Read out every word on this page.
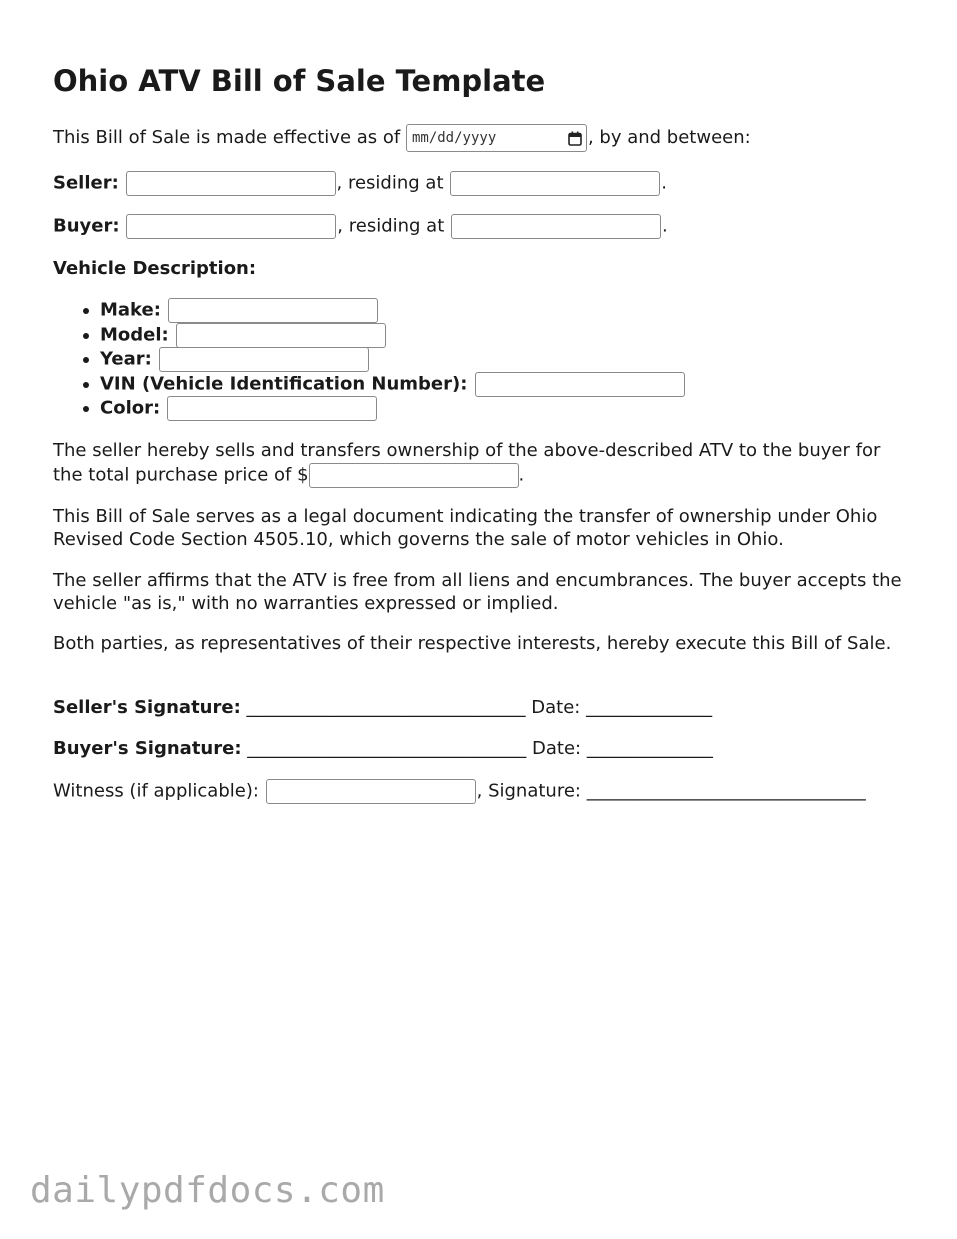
Ohio ATV Bill of Sale Template
This Bill of Sale is made effective as of mm/dd/yyyy	, by and between:
Seller:	, residing at	.
Buyer:	, residing at	.
Vehicle Description:
Make:
Model:
Year:
VIN (Vehicle Identification Number):
Color:
The seller hereby sells and transfers ownership of the above-described ATV to the buyer for the total purchase price of $	.
This Bill of Sale serves as a legal document indicating the transfer of ownership under Ohio Revised Code Section 4505.10, which governs the sale of motor vehicles in Ohio.
The seller affirms that the ATV is free from all liens and encumbrances. The buyer accepts the vehicle "as is," with no warranties expressed or implied.
Both parties, as representatives of their respective interests, hereby execute this Bill of Sale.
Seller's Signature: _______________________________ Date: ______________
Buyer's Signature: _______________________________ Date: ______________
Witness (if applicable):	, Signature: _______________________________
dailypdfdocs.com
